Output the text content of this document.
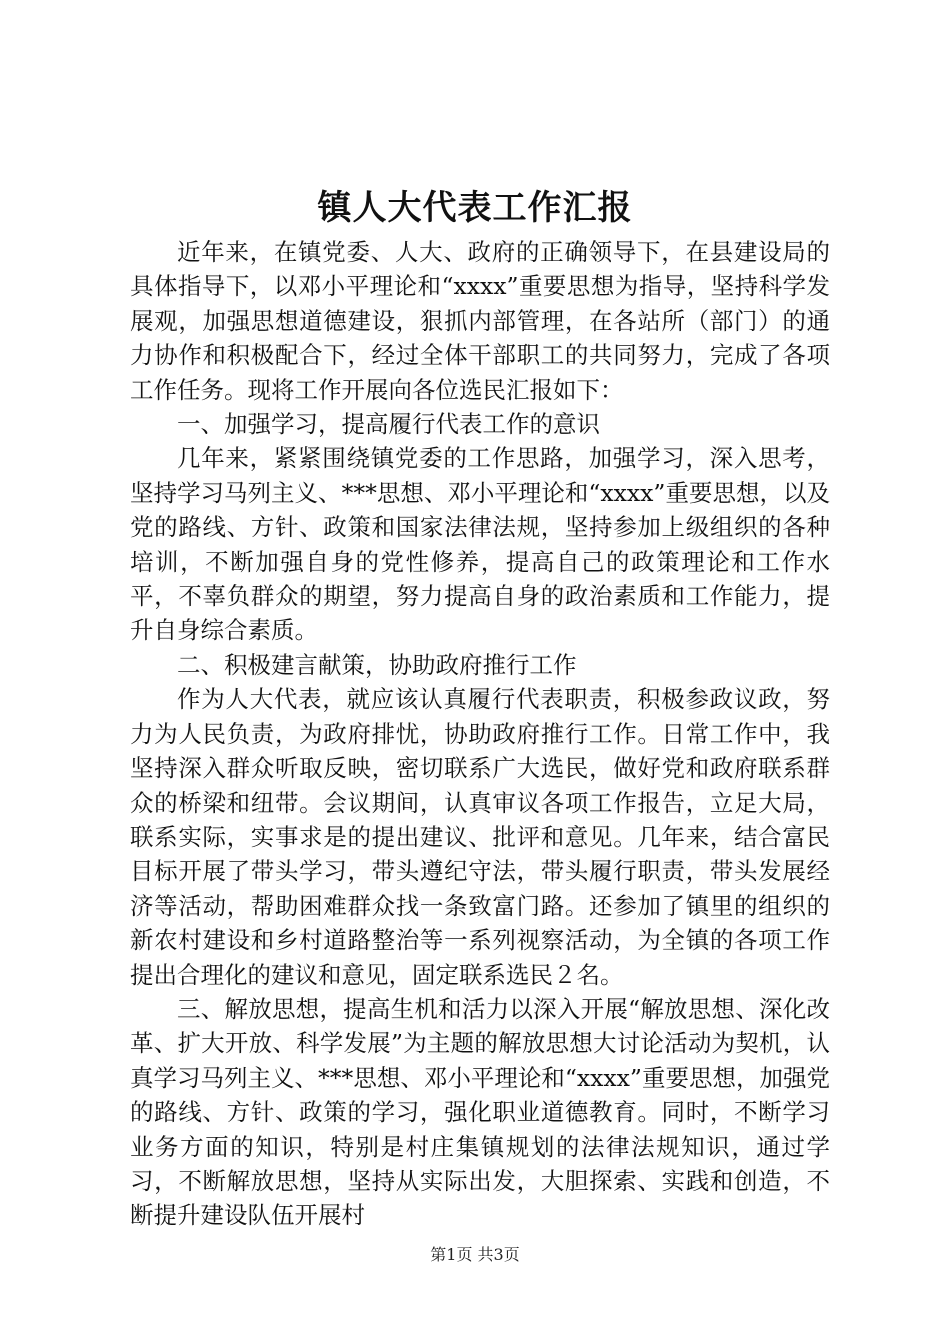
镇人大代表工作汇报

近年来，在镇党委、人大、政府的正确领导下，在县建设局的具体指导下，以邓小平理论和“xxxx”重要思想为指导，坚持科学发展观，加强思想道德建设，狠抓内部管理，在各站所（部门）的通力协作和积极配合下，经过全体干部职工的共同努力，完成了各项工作任务。现将工作开展向各位选民汇报如下：

一、加强学习，提高履行代表工作的意识

几年来，紧紧围绕镇党委的工作思路，加强学习，深入思考，坚持学习马列主义、***思想、邓小平理论和“xxxx”重要思想，以及党的路线、方针、政策和国家法律法规，坚持参加上级组织的各种培训，不断加强自身的党性修养，提高自己的政策理论和工作水平，不辜负群众的期望，努力提高自身的政治素质和工作能力，提升自身综合素质。

二、积极建言献策，协助政府推行工作

作为人大代表，就应该认真履行代表职责，积极参政议政，努力为人民负责，为政府排忧，协助政府推行工作。日常工作中，我坚持深入群众听取反映，密切联系广大选民，做好党和政府联系群众的桥梁和纽带。会议期间，认真审议各项工作报告，立足大局，联系实际，实事求是的提出建议、批评和意见。几年来，结合富民目标开展了带头学习，带头遵纪守法，带头履行职责，带头发展经济等活动，帮助困难群众找一条致富门路。还参加了镇里的组织的新农村建设和乡村道路整治等一系列视察活动，为全镇的各项工作提出合理化的建议和意见，固定联系选民２名。

三、解放思想，提高生机和活力以深入开展“解放思想、深化改革、扩大开放、科学发展”为主题的解放思想大讨论活动为契机，认真学习马列主义、***思想、邓小平理论和“xxxx”重要思想，加强党的路线、方针、政策的学习，强化职业道德教育。同时，不断学习业务方面的知识，特别是村庄集镇规划的法律法规知识，通过学习，不断解放思想，坚持从实际出发，大胆探索、实践和创造，不断提升建设队伍开展村

第1页 共3页
